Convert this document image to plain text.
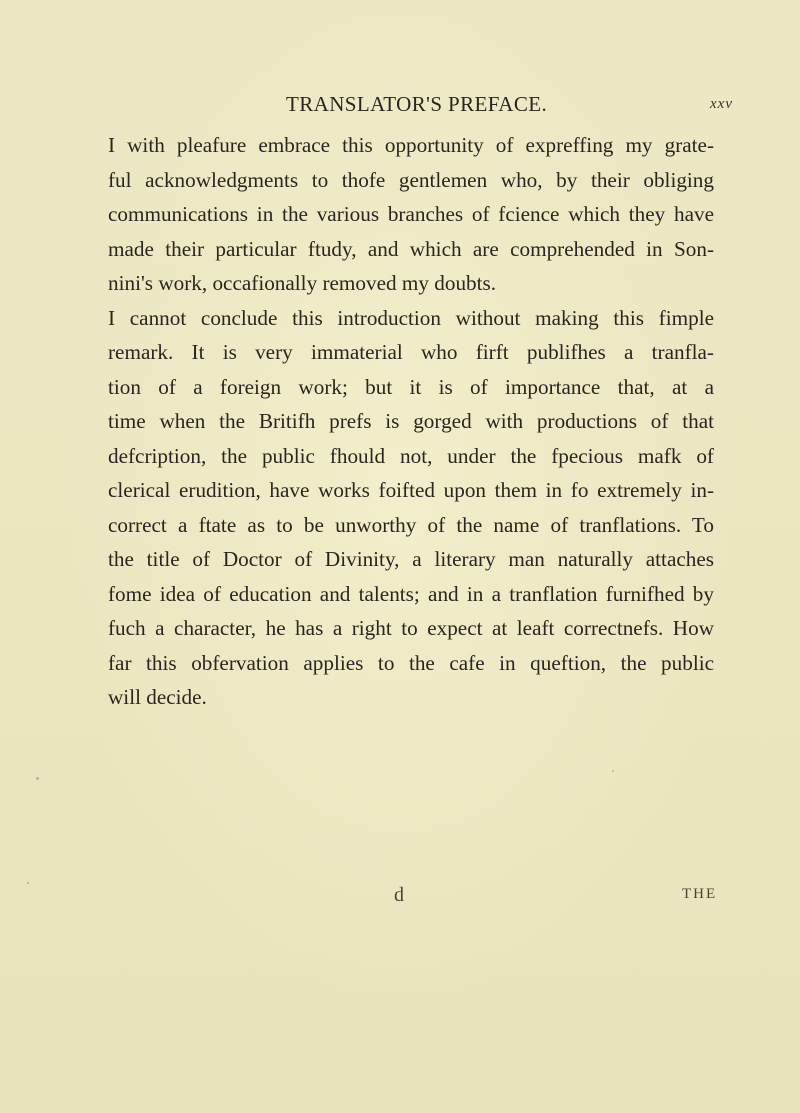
TRANSLATOR'S PREFACE.	xxv

I with pleafure embrace this opportunity of expreffing my grate-
ful acknowledgments to thofe gentlemen who, by their obliging
communications in the various branches of fcience which they have
made their particular ftudy, and which are comprehended in Son-
nini's work, occafionally removed my doubts.

I cannot conclude this introduction without making this fimple
remark. It is very immaterial who firft publifhes a tranfla-
tion of a foreign work; but it is of importance that, at a
time when the Britifh prefs is gorged with productions of that
defcription, the public fhould not, under the fpecious mafk of
clerical erudition, have works foifted upon them in fo extremely in-
correct a ftate as to be unworthy of the name of tranflations. To
the title of Doctor of Divinity, a literary man naturally attaches
fome idea of education and talents; and in a tranflation furnifhed by
fuch a character, he has a right to expect at leaft correctnefs. How
far this obfervation applies to the cafe in queftion, the public
will decide.

d	THE
